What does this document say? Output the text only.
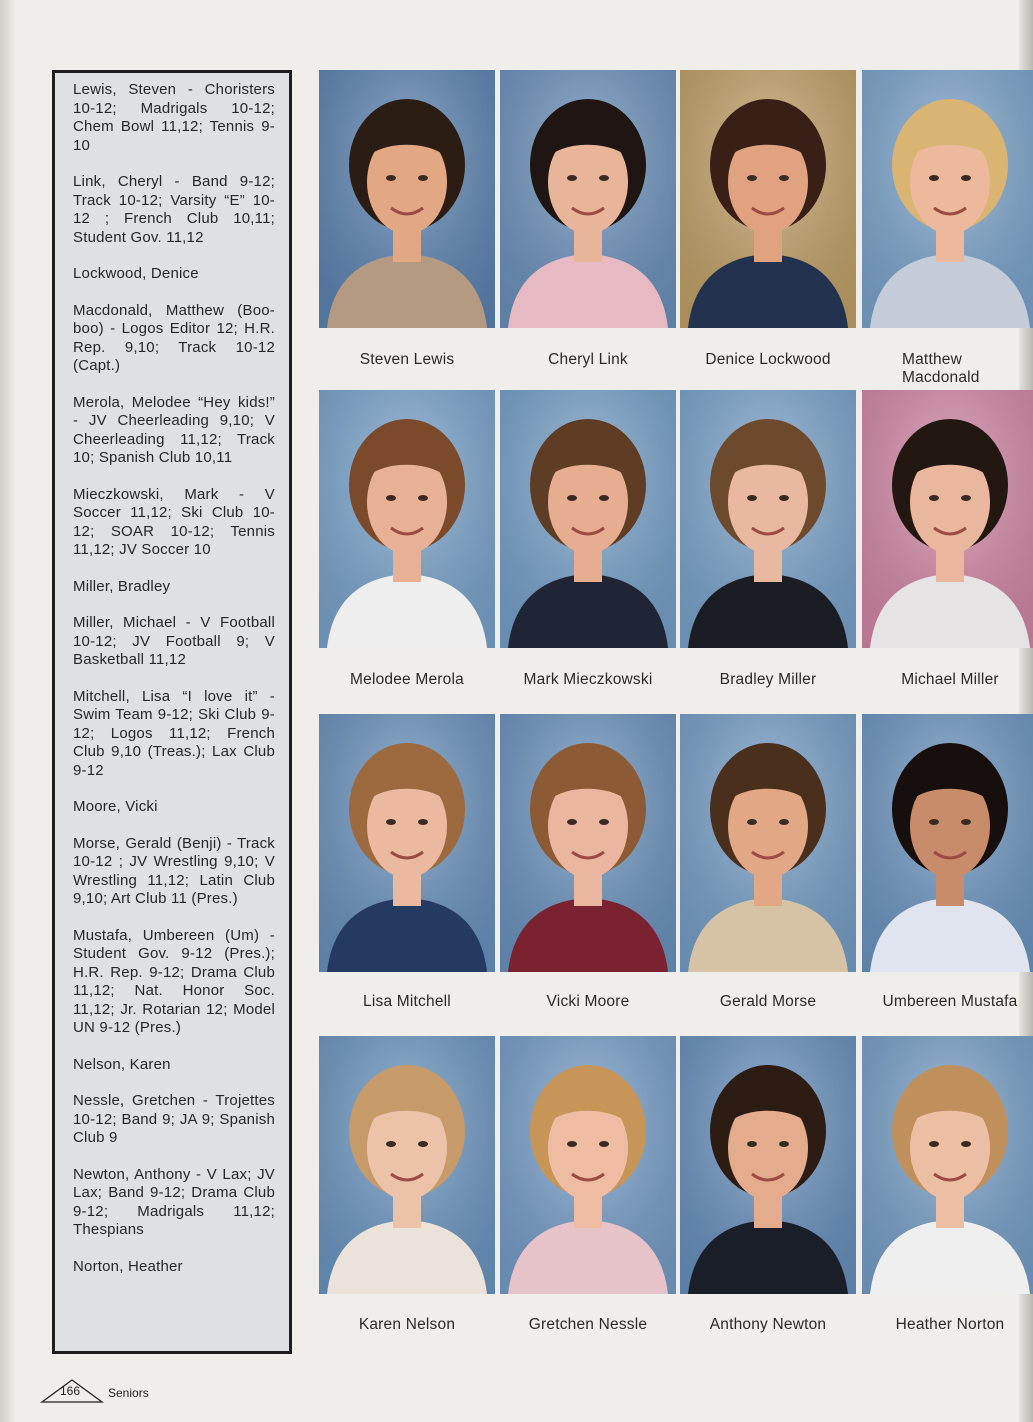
Lewis, Steven - Choristers 10-12; Madrigals 10-12; Chem Bowl 11,12; Tennis 9-10

Link, Cheryl - Band 9-12; Track 10-12; Varsity “E” 10-12 ; French Club 10,11; Student Gov. 11,12

Lockwood, Denice

Macdonald, Matthew (Boo-boo) - Logos Editor 12; H.R. Rep. 9,10; Track 10-12 (Capt.)

Merola, Melodee “Hey kids!” - JV Cheerleading 9,10; V Cheerleading 11,12; Track 10; Spanish Club 10,11

Mieczkowski, Mark - V Soccer 11,12; Ski Club 10-12; SOAR 10-12; Tennis 11,12; JV Soccer 10

Miller, Bradley

Miller, Michael - V Football 10-12; JV Football 9; V Basketball 11,12

Mitchell, Lisa “I love it” - Swim Team 9-12; Ski Club 9-12; Logos 11,12; French Club 9,10 (Treas.); Lax Club 9-12

Moore, Vicki

Morse, Gerald (Benji) - Track 10-12 ; JV Wrestling 9,10; V Wrestling 11,12; Latin Club 9,10; Art Club 11 (Pres.)

Mustafa, Umbereen (Um) - Student Gov. 9-12 (Pres.); H.R. Rep. 9-12; Drama Club 11,12; Nat. Honor Soc. 11,12; Jr. Rotarian 12; Model UN 9-12 (Pres.)

Nelson, Karen

Nessle, Gretchen - Trojettes 10-12; Band 9; JA 9; Spanish Club 9

Newton, Anthony - V Lax; JV Lax; Band 9-12; Drama Club 9-12; Madrigals 11,12; Thespians

Norton, Heather

Steven Lewis	Cheryl Link	Denice Lockwood	Matthew Macdonald
Melodee Merola	Mark Mieczkowski	Bradley Miller	Michael Miller
Lisa Mitchell	Vicki Moore	Gerald Morse	Umbereen Mustafa
Karen Nelson	Gretchen Nessle	Anthony Newton	Heather Norton
166 Seniors
